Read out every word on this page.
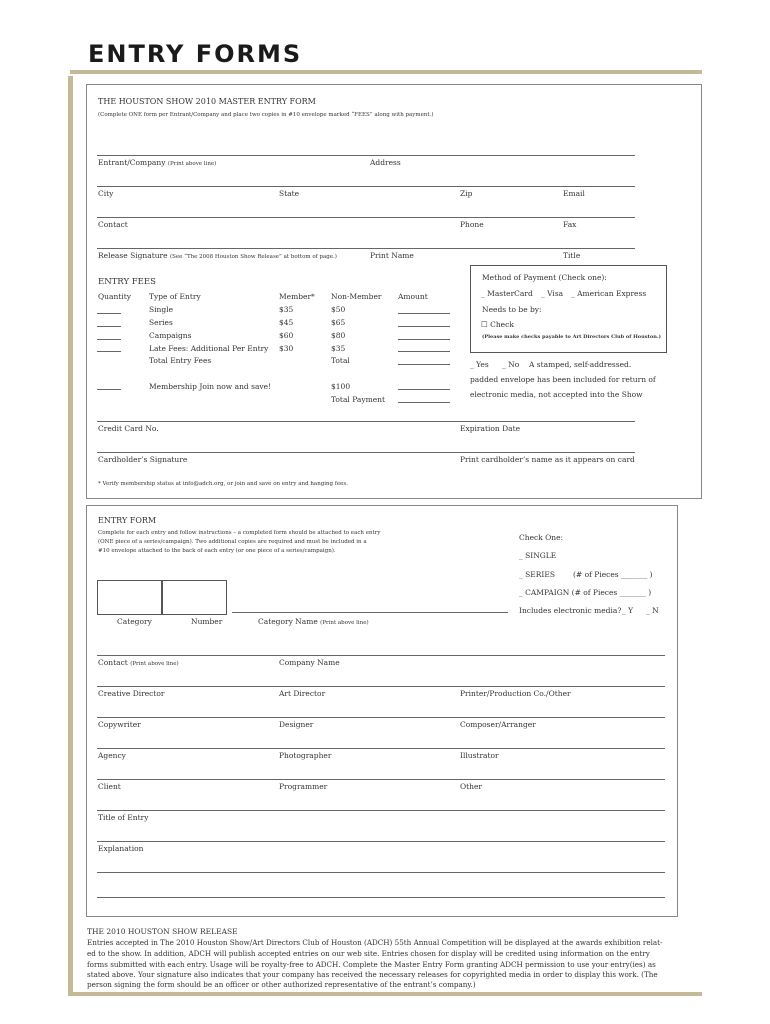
ENTRY FORMS
THE HOUSTON SHOW 2010 MASTER ENTRY FORM
(Complete ONE form per Entrant/Company and place two copies in #10 envelope marked “FEES” along with payment.)
Entrant/Company (Print above line)	Address
City	State	Zip	Email
Contact	Phone	Fax
Release Signature (See “The 2008 Houston Show Release” at bottom of page.)	Print Name	Title
ENTRY FEES
Quantity Type of Entry	Member* Non-Member Amount
Single	$35	$50
Series	$45	$65
Campaigns	$60	$80
Late Fees: Additional Per Entry $30	$35
Total Entry Fees	Total
Membership Join now and save!	$100
Total Payment
Method of Payment (Check one):
_ MasterCard _ Visa _ American Express
Needs to be by:
☐ Check
(Please make checks payable to Art Directors Club of Houston.)
_ Yes _ No A stamped, self-addressed.
padded envelope has been included for return of
electronic media, not accepted into the Show
Credit Card No.	Expiration Date
Cardholder’s Signature	Print cardholder’s name as it appears on card
* Verify membership status at info@adch.org, or join and save on entry and hanging fees.
ENTRY FORM
Complete for each entry and follow instructions – a completed form should be attached to each entry
(ONE piece of a series/campaign). Two additional copies are required and must be included in a
#10 envelope attached to the back of each entry (or one piece of a series/campaign).
Check One:
_ SINGLE
_ SERIES (# of Pieces _______ )
_ CAMPAIGN (# of Pieces _______ )
Includes electronic media? _ Y _ N
Category	Number	Category Name (Print above line)
Contact (Print above line)	Company Name
Creative Director	Art Director	Printer/Production Co./Other
Copywriter	Designer	Composer/Arranger
Agency	Photographer	Illustrator
Client	Programmer	Other
Title of Entry
Explanation
THE 2010 HOUSTON SHOW RELEASE
Entries accepted in The 2010 Houston Show/Art Directors Club of Houston (ADCH) 55th Annual Competition will be displayed at the awards exhibition relat-
ed to the show. In addition, ADCH will publish accepted entries on our web site. Entries chosen for display will be credited using information on the entry
forms submitted with each entry. Usage will be royalty-free to ADCH. Complete the Master Entry Form granting ADCH permission to use your entry(ies) as
stated above. Your signature also indicates that your company has received the necessary releases for copyrighted media in order to display this work. (The
person signing the form should be an officer or other authorized representative of the entrant’s company.)
